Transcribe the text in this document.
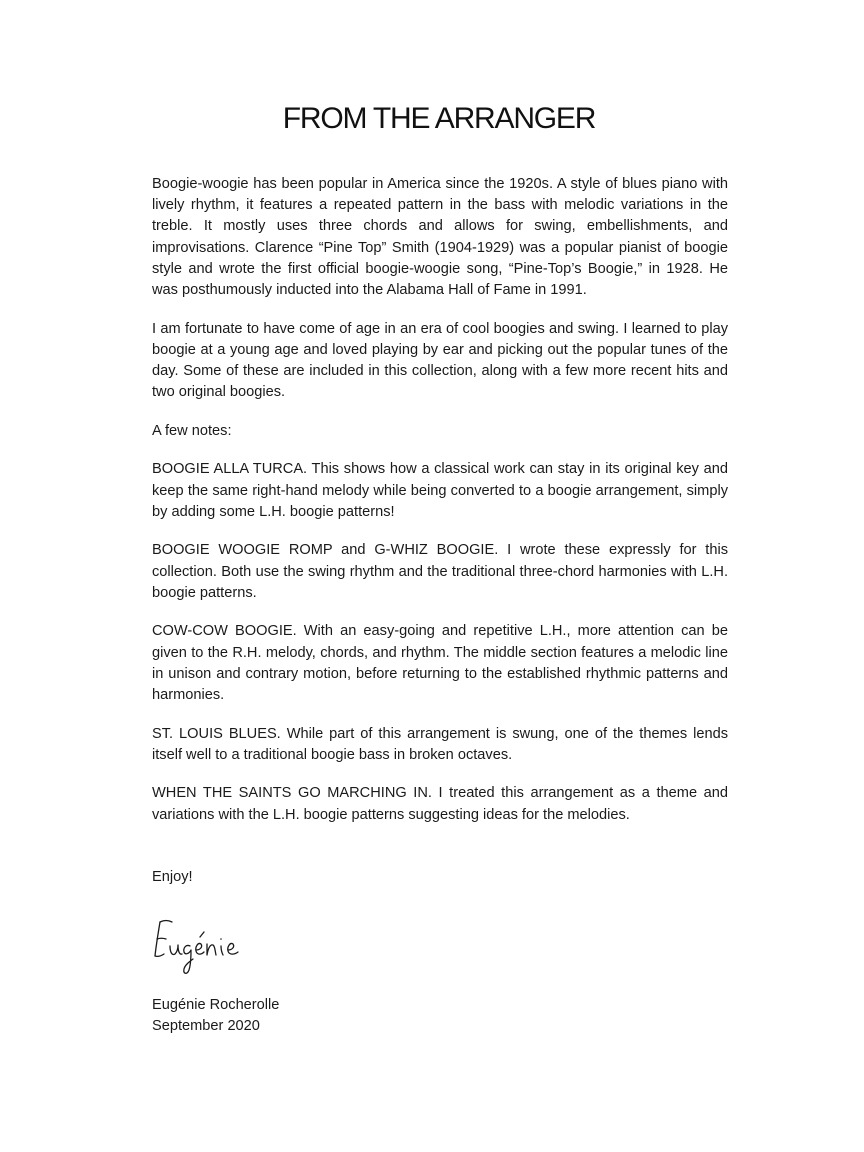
FROM THE ARRANGER

Boogie-woogie has been popular in America since the 1920s. A style of blues piano with lively rhythm, it features a repeated pattern in the bass with melodic variations in the treble. It mostly uses three chords and allows for swing, embellishments, and improvisations. Clarence “Pine Top” Smith (1904-1929) was a popular pianist of boogie style and wrote the first official boogie-woogie song, “Pine-Top’s Boogie,” in 1928. He was posthumously inducted into the Alabama Hall of Fame in 1991.

I am fortunate to have come of age in an era of cool boogies and swing. I learned to play boogie at a young age and loved playing by ear and picking out the popular tunes of the day. Some of these are included in this collection, along with a few more recent hits and two original boogies.

A few notes:

BOOGIE ALLA TURCA. This shows how a classical work can stay in its original key and keep the same right-hand melody while being converted to a boogie arrangement, simply by adding some L.H. boogie patterns!

BOOGIE WOOGIE ROMP and G-WHIZ BOOGIE. I wrote these expressly for this collection. Both use the swing rhythm and the traditional three-chord harmonies with L.H. boogie patterns.

COW-COW BOOGIE. With an easy-going and repetitive L.H., more attention can be given to the R.H. melody, chords, and rhythm. The middle section features a melodic line in unison and contrary motion, before returning to the established rhythmic patterns and harmonies.

ST. LOUIS BLUES. While part of this arrangement is swung, one of the themes lends itself well to a traditional boogie bass in broken octaves.

WHEN THE SAINTS GO MARCHING IN. I treated this arrangement as a theme and variations with the L.H. boogie patterns suggesting ideas for the melodies.

Enjoy!

Eugénie Rocherolle
September 2020
